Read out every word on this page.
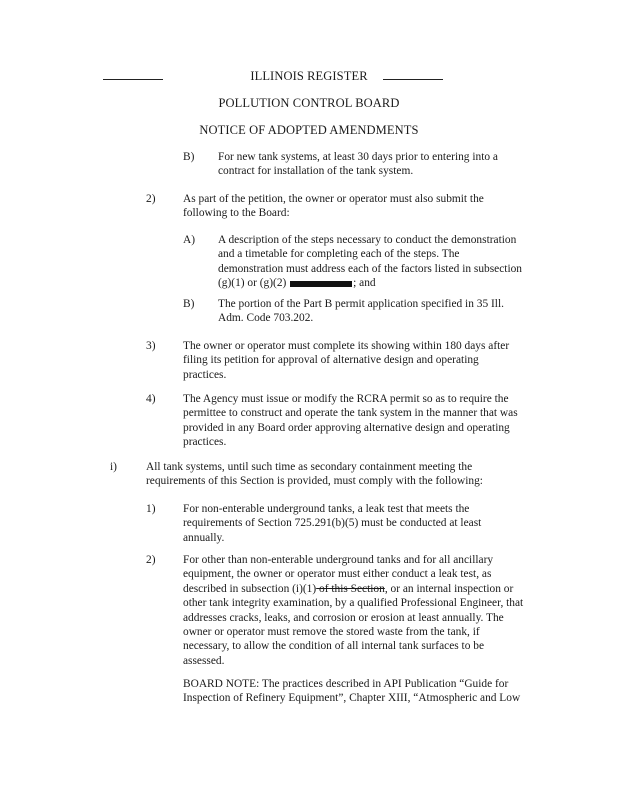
ILLINOIS REGISTER
POLLUTION CONTROL BOARD
NOTICE OF ADOPTED AMENDMENTS
B) For new tank systems, at least 30 days prior to entering into a
contract for installation of the tank system.
2) As part of the petition, the owner or operator must also submit the
following to the Board:
A) A description of the steps necessary to conduct the demonstration
and a timetable for completing each of the steps. The
demonstration must address each of the factors listed in subsection
(g)(1) or (g)(2)	; and
B) The portion of the Part B permit application specified in 35 Ill.
Adm. Code 703.202.
3) The owner or operator must complete its showing within 180 days after
filing its petition for approval of alternative design and operating
practices.
4) The Agency must issue or modify the RCRA permit so as to require the
permittee to construct and operate the tank system in the manner that was
provided in any Board order approving alternative design and operating
practices.
i)	All tank systems, until such time as secondary containment meeting the
requirements of this Section is provided, must comply with the following:
1) For non-enterable underground tanks, a leak test that meets the
requirements of Section 725.291(b)(5) must be conducted at least
annually.
2) For other than non-enterable underground tanks and for all ancillary
equipment, the owner or operator must either conduct a leak test, as
described in subsection (i)(1) of this Section, or an internal inspection or
other tank integrity examination, by a qualified Professional Engineer, that
addresses cracks, leaks, and corrosion or erosion at least annually. The
owner or operator must remove the stored waste from the tank, if
necessary, to allow the condition of all internal tank surfaces to be
assessed.
BOARD NOTE: The practices described in API Publication “Guide for
Inspection of Refinery Equipment”, Chapter XIII, “Atmospheric and Low
